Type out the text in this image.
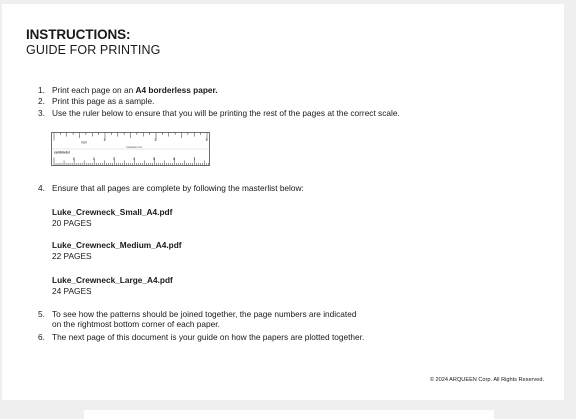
INSTRUCTIONS:
GUIDE FOR PRINTING
1. Print each page on an A4 borderless paper.
2. Print this page as a sample.
3. Use the ruler below to ensure that you will be printing the rest of the pages at the correct scale.
inch
mattatelier.com
centimeter
1	2	3
1	2	3	4	5	6	7
4. Ensure that all pages are complete by following the masterlist below:
Luke_Crewneck_Small_A4.pdf
20 PAGES
Luke_Crewneck_Medium_A4.pdf
22 PAGES
Luke_Crewneck_Large_A4.pdf
24 PAGES
5. To see how the patterns should be joined together, the page numbers are indicated
on the rightmost bottom corner of each paper.
6. The next page of this document is your guide on how the papers are plotted together.
© 2024 ARQUEEN Corp. All Rights Reserved.
